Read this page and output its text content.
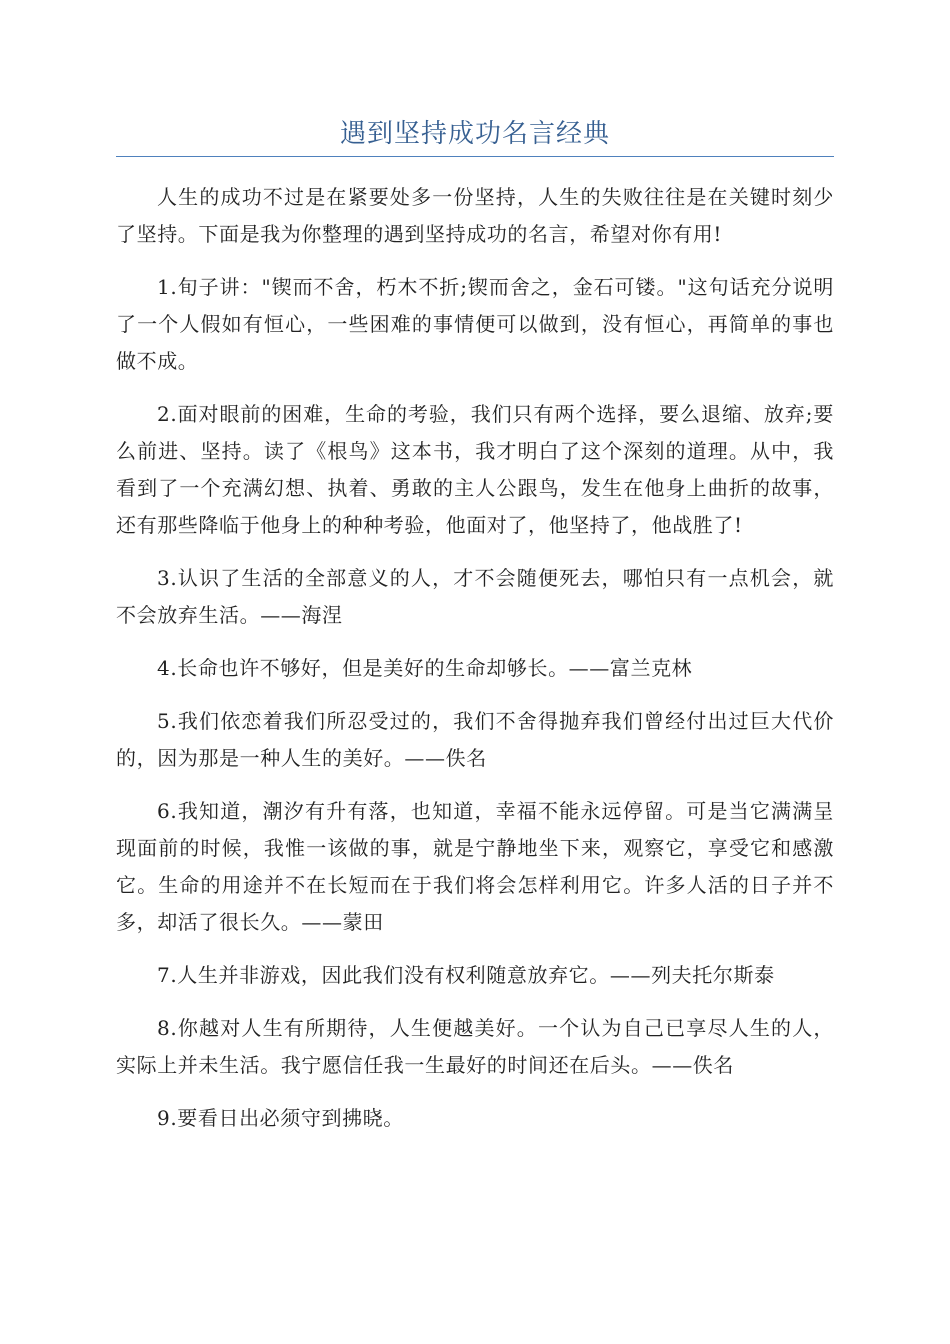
遇到坚持成功名言经典

人生的成功不过是在紧要处多一份坚持，人生的失败往往是在关键时刻少了坚持。下面是我为你整理的遇到坚持成功的名言，希望对你有用!

1.旬子讲："锲而不舍，朽木不折;锲而舍之，金石可镂。"这句话充分说明了一个人假如有恒心，一些困难的事情便可以做到，没有恒心，再简单的事也做不成。

2.面对眼前的困难，生命的考验，我们只有两个选择，要么退缩、放弃;要么前进、坚持。读了《根鸟》这本书，我才明白了这个深刻的道理。从中，我看到了一个充满幻想、执着、勇敢的主人公跟鸟，发生在他身上曲折的故事，还有那些降临于他身上的种种考验，他面对了，他坚持了，他战胜了!

3.认识了生活的全部意义的人，才不会随便死去，哪怕只有一点机会，就不会放弃生活。——海涅

4.长命也许不够好，但是美好的生命却够长。——富兰克林

5.我们依恋着我们所忍受过的，我们不舍得抛弃我们曾经付出过巨大代价的，因为那是一种人生的美好。——佚名

6.我知道，潮汐有升有落，也知道，幸福不能永远停留。可是当它满满呈现面前的时候，我惟一该做的事，就是宁静地坐下来，观察它，享受它和感激它。生命的用途并不在长短而在于我们将会怎样利用它。许多人活的日子并不多，却活了很长久。——蒙田

7.人生并非游戏，因此我们没有权利随意放弃它。——列夫托尔斯泰

8.你越对人生有所期待，人生便越美好。一个认为自己已享尽人生的人，实际上并未生活。我宁愿信任我一生最好的时间还在后头。——佚名

9.要看日出必须守到拂晓。
